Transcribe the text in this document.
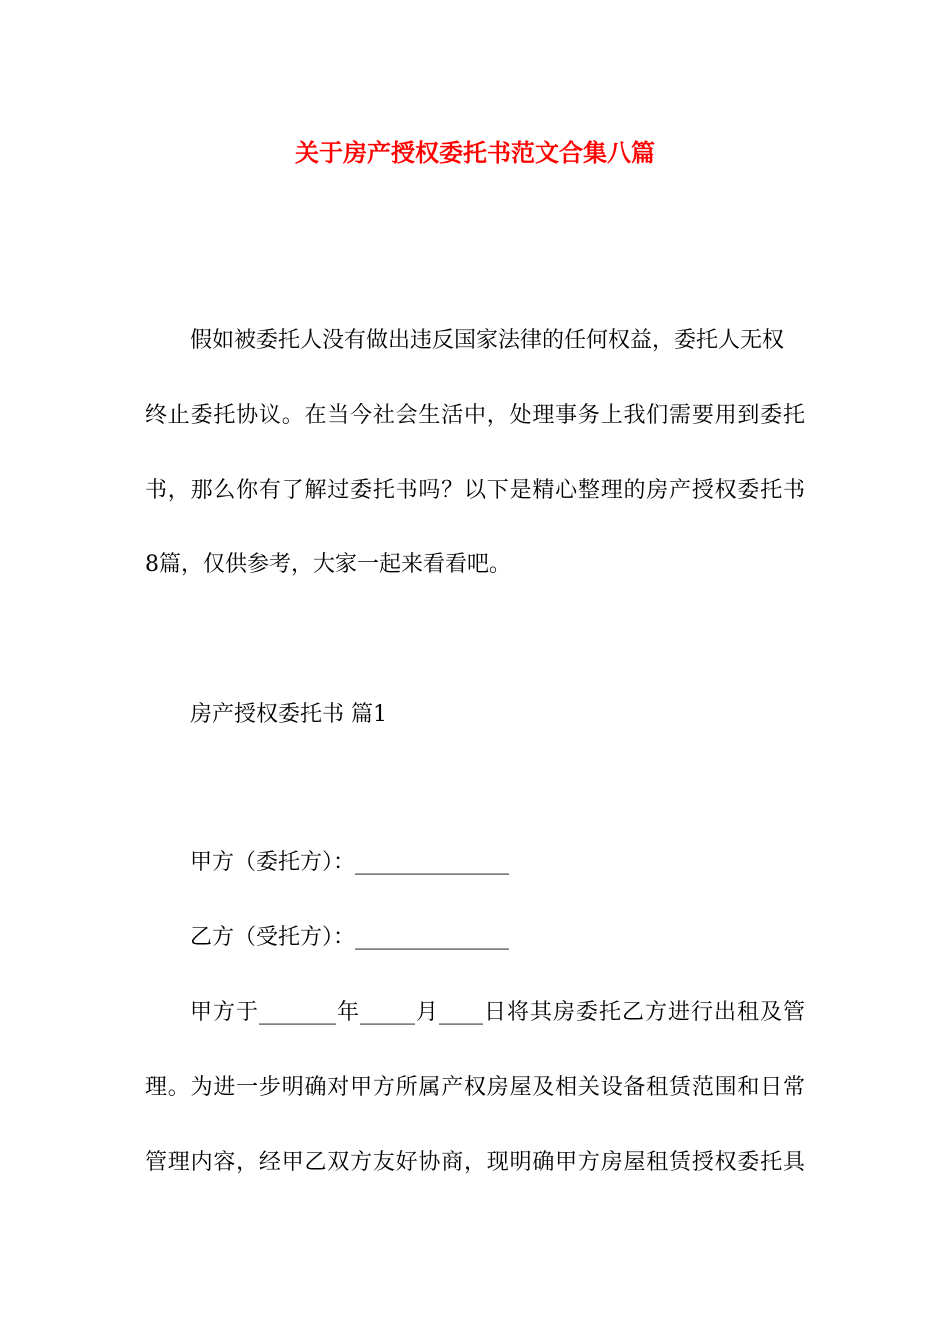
关于房产授权委托书范文合集八篇

假如被委托人没有做出违反国家法律的任何权益，委托人无权

终止委托协议。在当今社会生活中，处理事务上我们需要用到委托

书，那么你有了解过委托书吗？以下是精心整理的房产授权委托书

8篇，仅供参考，大家一起来看看吧。

房产授权委托书 篇1

甲方（委托方）：______________

乙方（受托方）：______________

甲方于_______年_____月____日将其房委托乙方进行出租及管

理。为进一步明确对甲方所属产权房屋及相关设备租赁范围和日常

管理内容，经甲乙双方友好协商，现明确甲方房屋租赁授权委托具
